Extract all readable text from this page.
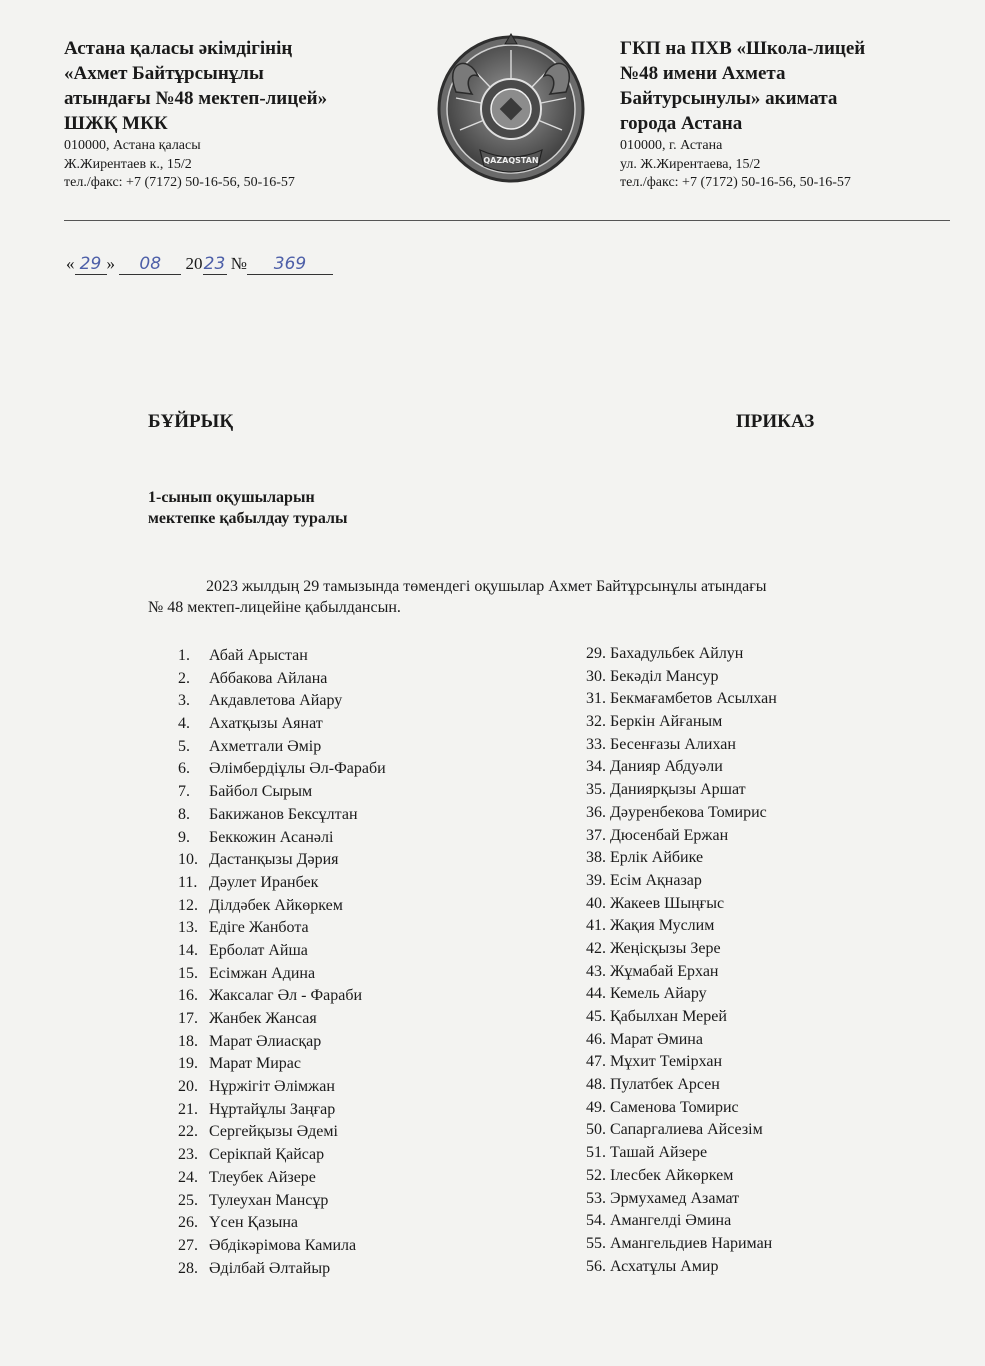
Астана қаласы әкімдігінің
«Ахмет Байтұрсынұлы
атындағы №48 мектеп-лицей»
ШЖҚ МКК
010000, Астана қаласы
Ж.Жирентаев к., 15/2
тел./факс: +7 (7172) 50-16-56, 50-16-57
QAZAQSTAN
ГКП на ПХВ «Школа-лицей
№48 имени Ахмета
Байтурсынулы» акимата
города Астана
010000, г. Астана
ул. Ж.Жирентаева, 15/2
тел./факс: +7 (7172) 50-16-56, 50-16-57
« 29 » 08 2023 № 369
БҰЙРЫҚ	ПРИКАЗ
1-сынып оқушыларын
мектепке қабылдау туралы
2023 жылдың 29 тамызында төмендегі оқушылар Ахмет Байтұрсынұлы атындағы
№ 48 мектеп-лицейіне қабылдансын.
1. Абай Арыстан
2. Аббакова Айлана
3. Акдавлетова Айару
4. Ахатқызы Аянат
5. Ахметгали Әмір
6. Әлімбердіұлы Әл-Фараби
7. Байбол Сырым
8. Бакижанов Бексұлтан
9. Беккожин Асанәлі
10. Дастанқызы Дәрия
11. Дәулет Иранбек
12. Ділдәбек Айкөркем
13. Едіге Жанбота
14. Ерболат Айша
15. Есімжан Адина
16. Жаксалаг Әл - Фараби
17. Жанбек Жансая
18. Марат Әлиасқар
19. Марат Мирас
20. Нұржігіт Әлімжан
21. Нұртайұлы Заңғар
22. Сергейқызы Әдемі
23. Серікпай Қайсар
24. Тлеубек Айзере
25. Тулеухан Мансұр
26. Үсен Қазына
27. Әбдікәрімова Камила
28. Әділбай Әлтайыр
29. Бахадульбек Айлун
30. Бекәділ Мансур
31. Бекмағамбетов Асылхан
32. Беркін Айғаным
33. Бесенғазы Алихан
34. Данияр Абдуәли
35. Даниярқызы Аршат
36. Дәуренбекова Томирис
37. Дюсенбай Ержан
38. Ерлік Айбике
39. Есім Ақназар
40. Жакеев Шыңғыс
41. Жақия Муслим
42. Жеңісқызы Зере
43. Жұмабай Ерхан
44. Кемель Айару
45. Қабылхан Мерей
46. Марат Әмина
47. Мұхит Темірхан
48. Пулатбек Арсен
49. Саменова Томирис
50. Сапаргалиева Айсезім
51. Ташай Айзере
52. Ілесбек Айкөркем
53. Эрмухамед Азамат
54. Амангелді Әмина
55. Амангельдиев Нариман
56. Асхатұлы Амир
